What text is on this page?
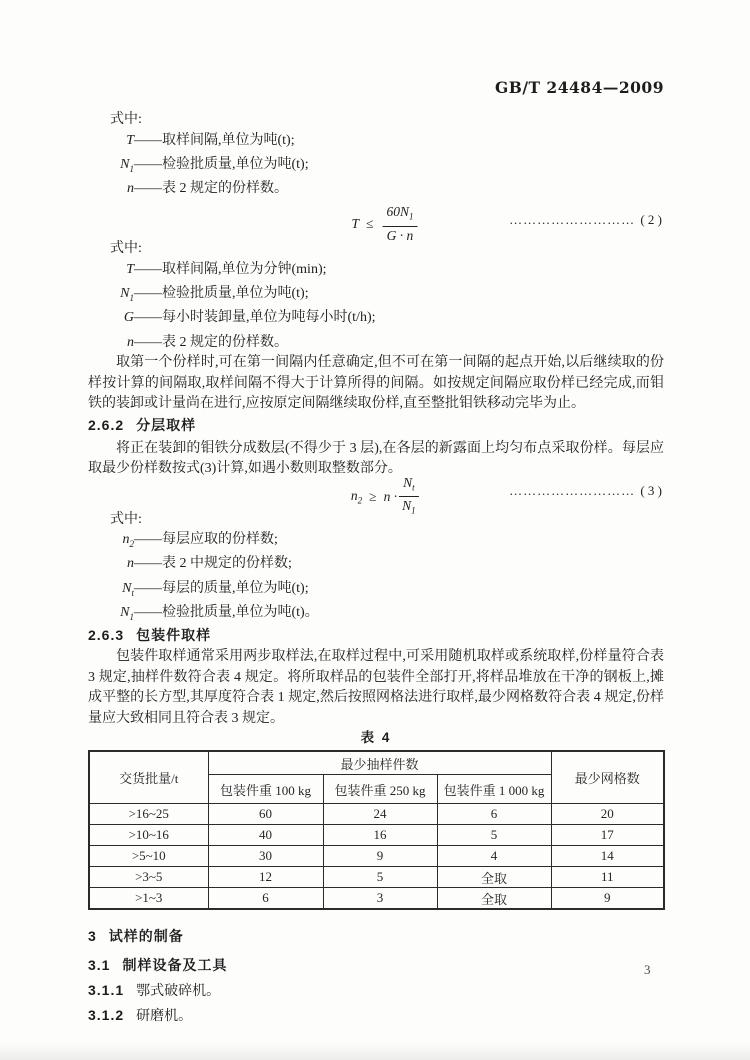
GB/T 24484—2009
式中:
T ——取样间隔,单位为吨(t);
$N_1$ ——检验批质量,单位为吨(t);
n ——表 2 规定的份样数。
$T \le \frac{60N_1}{G \cdot n}$	……………………… ( 2 )
式中:
T ——取样间隔,单位为分钟(min);
$N_1$ ——检验批质量,单位为吨(t);
G ——每小时装卸量,单位为吨每小时(t/h);
n ——表 2 规定的份样数。

取第一个份样时,可在第一间隔内任意确定,但不可在第一间隔的起点开始,以后继续取的份样按计算的间隔取,取样间隔不得大于计算所得的间隔。如按规定间隔应取份样已经完成,而钼铁的装卸或计量尚在进行,应按原定间隔继续取份样,直至整批钼铁移动完毕为止。

2.6.2 分层取样

将正在装卸的钼铁分成数层(不得少于 3 层),在各层的新露面上均匀布点采取份样。每层应取最少份样数按式(3)计算,如遇小数则取整数部分。

$n_2 \ge n \cdot \frac{N_t}{N_1}$	……………………… ( 3 )
式中:
$n_2$ ——每层应取的份样数;
n ——表 2 中规定的份样数;
$N_t$ ——每层的质量,单位为吨(t);
$N_1$ ——检验批质量,单位为吨(t)。
2.6.3 包装件取样

包装件取样通常采用两步取样法,在取样过程中,可采用随机取样或系统取样,份样量符合表 3 规定,抽样件数符合表 4 规定。将所取样品的包装件全部打开,将样品堆放在干净的钢板上,摊成平整的长方型,其厚度符合表 1 规定,然后按照网格法进行取样,最少网格数符合表 4 规定,份样量应大致相同且符合表 3 规定。

表 4
交货批量/t	最少抽样件数			最少网格数
	包装件重 100 kg	包装件重 250 kg	包装件重 1 000 kg	
>16~25	60	24	6	20
>10~16	40	16	5	17
>5~10	30	9	4	14
>3~5	12	5	全取	11
>1~3	6	3	全取	9
3 试样的制备
3.1 制样设备及工具
3.1.1 鄂式破碎机。
3.1.2 研磨机。
3
